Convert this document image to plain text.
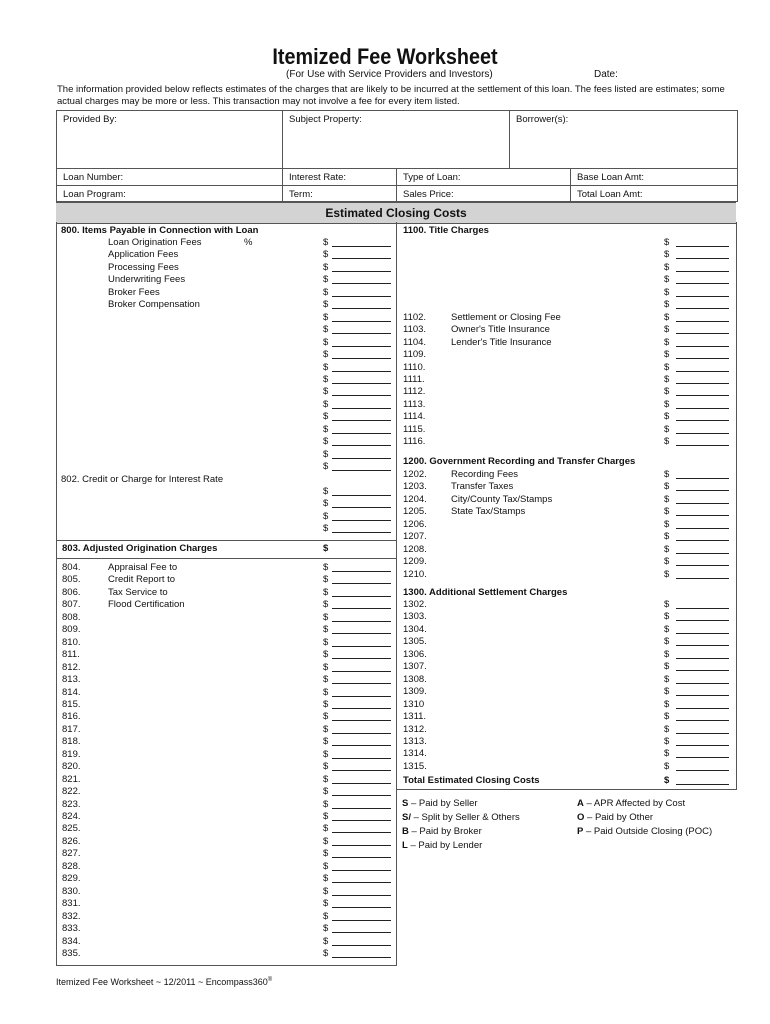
Itemized Fee Worksheet
(For Use with Service Providers and Investors)	Date:
The information provided below reflects estimates of the charges that are likely to be incurred at the settlement of this loan. The fees listed are estimates; some actual charges may be more or less. This transaction may not involve a fee for every item listed.
Provided By:	Subject Property:	Borrower(s):
Loan Number:	Interest Rate:	Type of Loan:	Base Loan Amt:
Loan Program:	Term:	Sales Price:	Total Loan Amt:
Estimated Closing Costs
800. Items Payable in Connection with Loan
Loan Origination Fees	%	$
Application Fees	$
Processing Fees	$
Underwriting Fees	$
Broker Fees	$
Broker Compensation	$
$
$
$
$
$
$
$
$
$
$
$
$
$
802. Credit or Charge for Interest Rate
$
$
$
$
803. Adjusted Origination Charges	$
804.	Appraisal Fee to	$
805.	Credit Report to	$
806.	Tax Service to	$
807.	Flood Certification	$
808.	$
809.	$
810.	$
811.	$
812.	$
813.	$
814.	$
815.	$
816.	$
817.	$
818.	$
819.	$
820.	$
821.	$
822.	$
823.	$
824.	$
825.	$
826.	$
827.	$
828.	$
829.	$
830.	$
831.	$
832.	$
833.	$
834.	$
835.	$
1100. Title Charges
$
$
$
$
$
$
1102.	Settlement or Closing Fee	$
1103.	Owner's Title Insurance	$
1104.	Lender's Title Insurance	$
1109.	$
1110.	$
1111.	$
1112.	$
1113.	$
1114.	$
1115.	$
1116.	$
1200. Government Recording and Transfer Charges
1202.	Recording Fees	$
1203.	Transfer Taxes	$
1204.	City/County Tax/Stamps	$
1205.	State Tax/Stamps	$
1206.	$
1207.	$
1208.	$
1209.	$
1210.	$
1300. Additional Settlement Charges
1302.	$
1303.	$
1304.	$
1305.	$
1306.	$
1307.	$
1308.	$
1309.	$
1310	$
1311.	$
1312.	$
1313.	$
1314.	$
1315.	$
Total Estimated Closing Costs	$
S – Paid by Seller
S/ – Split by Seller & Others
B – Paid by Broker
L – Paid by Lender
A – APR Affected by Cost
O – Paid by Other
P – Paid Outside Closing (POC)
Itemized Fee Worksheet ~ 12/2011 ~ Encompass360®
